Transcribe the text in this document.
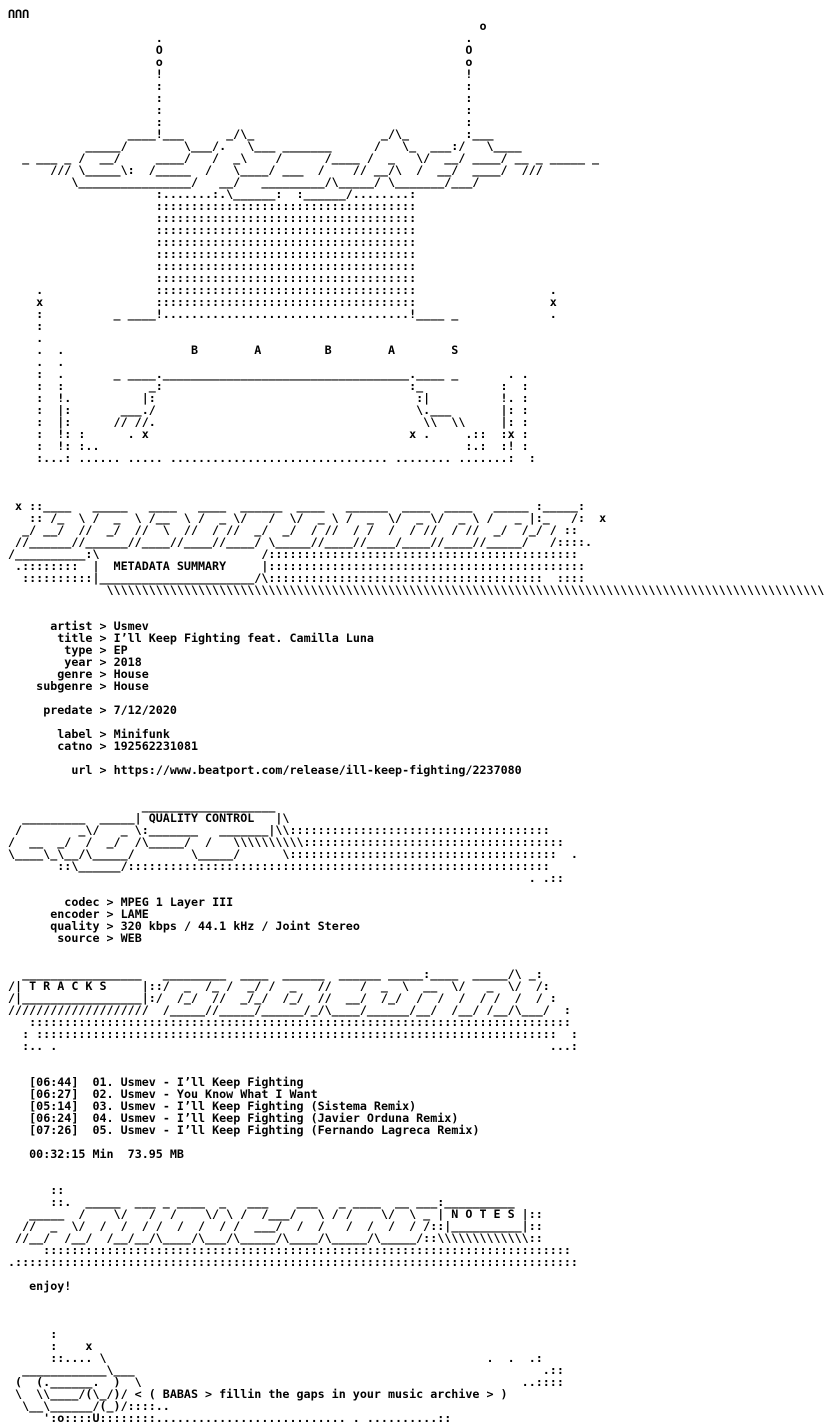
ՈՈՈ
o
.                                           .
O                                           O
o                                           o
!                                           !
:                                           :
:                                           :
:                                           :
:                                           :
____!___      _/\_                  _/\_        :___
_____/        \___/.   \___ _______      /   \_  ___:/   \____
_ ___ _ /  __/     ____/   /  _\    /      /____ /  _   \/  __/ ____/ __ _ _____ _
/// \_____\:  /_____  /   \____/ ___  /    // __/\  /  __/  ____/  ///
\________________/   __/   _________/\_____/ \_______/___/
:.......:.\______:  :______/........:
:::::::::::::::::::::::::::::::::::::
:::::::::::::::::::::::::::::::::::::
:::::::::::::::::::::::::::::::::::::
:::::::::::::::::::::::::::::::::::::
:::::::::::::::::::::::::::::::::::::
:::::::::::::::::::::::::::::::::::::
:::::::::::::::::::::::::::::::::::::
.                :::::::::::::::::::::::::::::::::::::                   .
x                :::::::::::::::::::::::::::::::::::::                   x
:          _ ____!...................................!____ _             .
:
.
.  .                  B        A         B        A        S
.  .
:  .       _ ____.___________________________________.____ _       . .
:  :            _:                                   :_           :  :
:  !.          |:                                     :|          !. :
:  |:       ___./                                     \.___       |: :
:  |:      // //.                                      \\  \\     |: :
:  !: :      . x                                     x .     .::  :x :
:  !: :..                                                    :.:  :! :
:...: ...... ..... ............................... ........ .......:  :

x ::____   _____   ____   ____  ______  ____   ______  ____  ____   _____ :_____:
:: /_  \ /  _  \ /__  \ /  _ \/   /  \/  _ \ /  _  \/  _ \/  _ \ /   _ |:_   /:  x
_/ __/  //  _/  //  \  //  / //  _/  _/  / //  / /  /  / //  / //  _/  /_/ / ::
//______//______//____//____//____/ \_____//____//____/____//____//_____/   /::::.
/__________:\                       /::::::::::::::::::::::::::::::::::::::::::::
.::::::::  |  METADATA SUMMARY     |:::::::::::::::::::::::::::::::::::::::::::::
::::::::::|______________________/\:::::::::::::::::::::::::::::::::::::::  ::::
\\\\\\\\\\\\\\\\\\\\\\\\\\\\\\\\\\\\\\\\\\\\\\\\\\\\\\\\\\\\\\\\\\\\\\\\\\\\\\\\\\\\\\\\\\\\\\\\\\\\\\

artist > Usmev
title > I’ll Keep Fighting feat. Camilla Luna
type > EP
year > 2018
genre > House
subgenre > House

predate > 7/12/2020

label > Minifunk
catno > 192562231081

url > https://www.beatport.com/release/ill-keep-fighting/2237080

___________________
_________  _____| QUALITY CONTROL   |\
/        _\/   _ \:_______   _______|\\:::::::::::::::::::::::::::::::::::::
/  __  _/  /  _/  /\_____/  /   \\\\\\\\\\:::::::::::::::::::::::::::::::::::::
\____\_\__/\_____/        \_____/      \::::::::::::::::::::::::::::::::::::::  .
::\______/::::::::::::::::::::::::::::::::::::::::::::::::::::::::::::
. .::

codec > MPEG 1 Layer III
encoder > LAME
quality > 320 kbps / 44.1 kHz / Joint Stereo
source > WEB

_________________   _________  ____  ______  ______ _____:____  _____/\ _:
/| T R A C K S     |::/  _  /_ /  _/ /  _   //    /  _  \  __  \/   _  \/  /:
/|_________________|:/  /_/  //  _/_/  /_/  //  __/  /_/  /  /  /  / /  /  / :
////////////////////  /_____//_____/______/_/\____/______/__/  /__/ /__/\___/  :
:::::::::::::::::::::::::::::::::::::::::::::::::::::::::::::::::::::::::::::
: ::::::::::::::::::::::::::::::::::::::::::::::::::::::::::::::::::::::::::  :
:.. .                                                                      ...:

[06:44] 01. Usmev - I’ll Keep Fighting
[06:27] 02. Usmev - You Know What I Want
[05:14] 03. Usmev - I’ll Keep Fighting (Sistema Remix)
[06:24] 04. Usmev - I’ll Keep Fighting (Javier Orduna Remix)
[07:26] 05. Usmev - I’ll Keep Fighting (Fernando Lagreca Remix)

00:32:15 Min 73.95 MB

::
::.  _____  ___ _ ____  _   ___    ___   _ ____  __ ___:__________
_____  /    \/   /  /    \/ \ /  /___/   \ / /    \/  \ _ | N O T E S |::
//  _  \/  /  /  / /  /  /  / /  ___/  /  /   /  /  /  / /::|__________|::
//__/  /__/  /__/__/\____/\___/\_____/\____/\_____/\_____/::\\\\\\\\\\\\\::
:::::::::::::::::::::::::::::::::::::::::::::::::::::::::::::::::::::::::::
.::::::::::::::::::::::::::::::::::::::::::::::::::::::::::::::::::::::::::::::::

enjoy!

:
:    x
::.... \                                                      .  .  .:
____________\___                                                          .::
(  (.______.  )  \                                                      ..::::
\  \\____/(\_/)/ < ( BABAS > fillin the gaps in your music archive > )
\__\______/(_)/::::..
':o::::U::::::::........................... . ..........::
